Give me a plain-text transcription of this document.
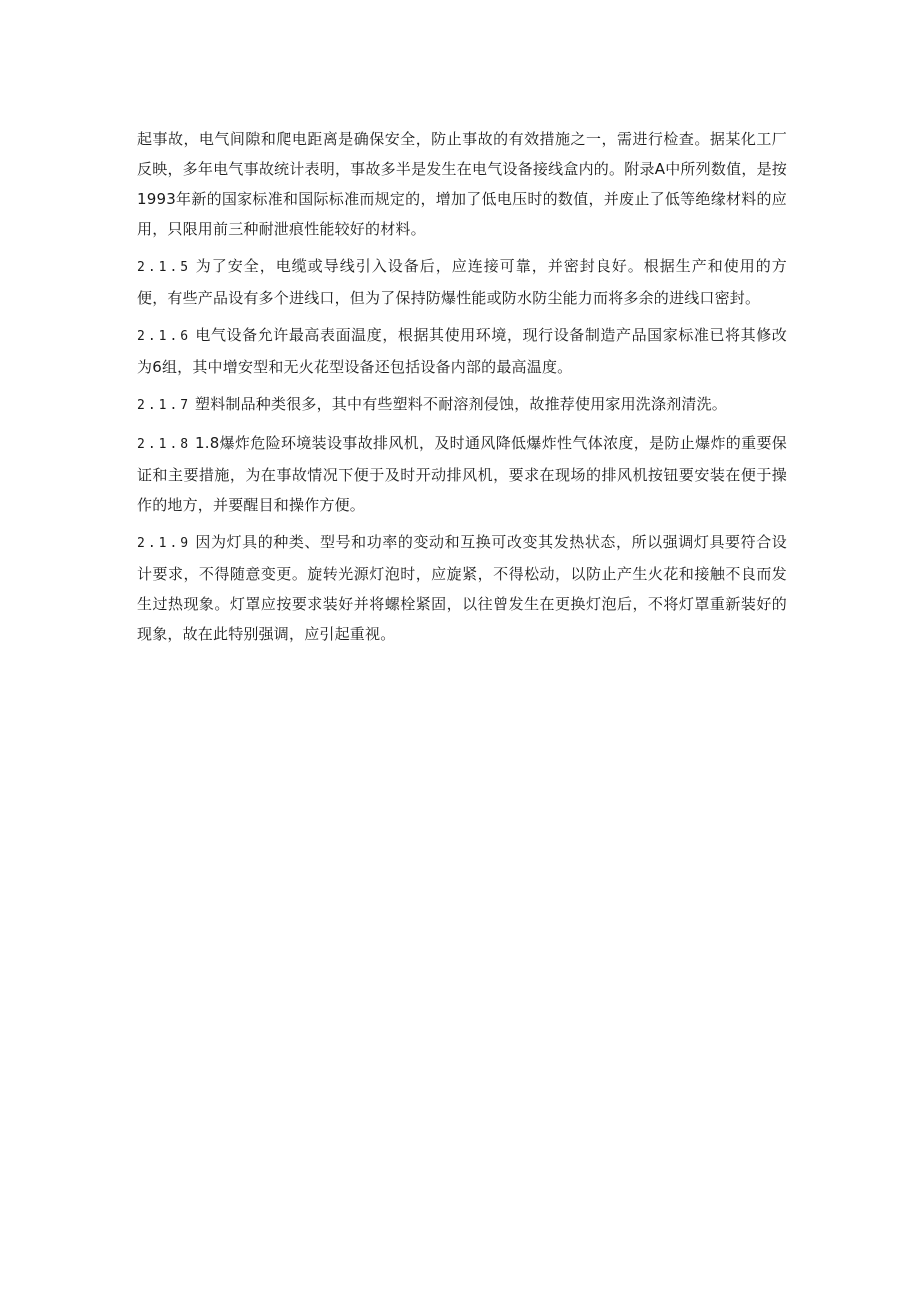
起事故，电气间隙和爬电距离是确保安全，防止事故的有效措施之一，需进行检查。据某化工厂反映，多年电气事故统计表明，事故多半是发生在电气设备接线盒内的。附录A中所列数值，是按1993年新的国家标准和国际标准而规定的，增加了低电压时的数值，并废止了低等绝缘材料的应用，只限用前三种耐泄痕性能较好的材料。

2.1.5 为了安全，电缆或导线引入设备后，应连接可靠，并密封良好。根据生产和使用的方便，有些产品设有多个进线口，但为了保持防爆性能或防水防尘能力而将多余的进线口密封。

2.1.6 电气设备允许最高表面温度，根据其使用环境，现行设备制造产品国家标准已将其修改为6组，其中增安型和无火花型设备还包括设备内部的最高温度。

2.1.7 塑料制品种类很多，其中有些塑料不耐溶剂侵蚀，故推荐使用家用洗涤剂清洗。

2.1.8 1.8爆炸危险环境装设事故排风机，及时通风降低爆炸性气体浓度，是防止爆炸的重要保证和主要措施，为在事故情况下便于及时开动排风机，要求在现场的排风机按钮要安装在便于操作的地方，并要醒目和操作方便。

2.1.9 因为灯具的种类、型号和功率的变动和互换可改变其发热状态，所以强调灯具要符合设计要求，不得随意变更。旋转光源灯泡时，应旋紧，不得松动，以防止产生火花和接触不良而发生过热现象。灯罩应按要求装好并将螺栓紧固，以往曾发生在更换灯泡后，不将灯罩重新装好的现象，故在此特别强调，应引起重视。
